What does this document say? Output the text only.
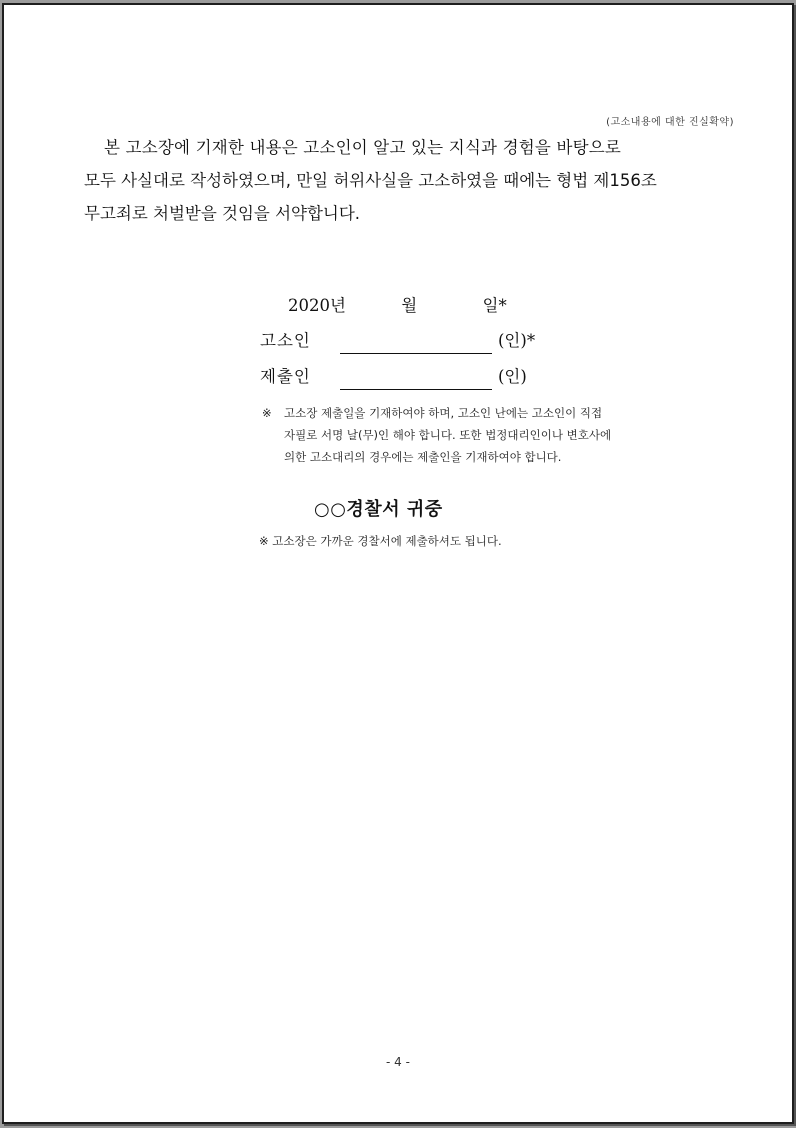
(고소내용에 대한 진실확약)
본 고소장에 기재한 내용은 고소인이 알고 있는 지식과 경험을 바탕으로
모두 사실대로 작성하였으며, 만일 허위사실을 고소하였을 때에는 형법 제156조
무고죄로 처벌받을 것임을 서약합니다.
2020년	월	일*
고소인	(인)*
제출인	(인)
※ 고소장 제출일을 기재하여야 하며, 고소인 난에는 고소인이 직접
자필로 서명 날(무)인 해야 합니다. 또한 법정대리인이나 변호사에
의한 고소대리의 경우에는 제출인을 기재하여야 합니다.
○○경찰서 귀중
※ 고소장은 가까운 경찰서에 제출하셔도 됩니다.
- 4 -
